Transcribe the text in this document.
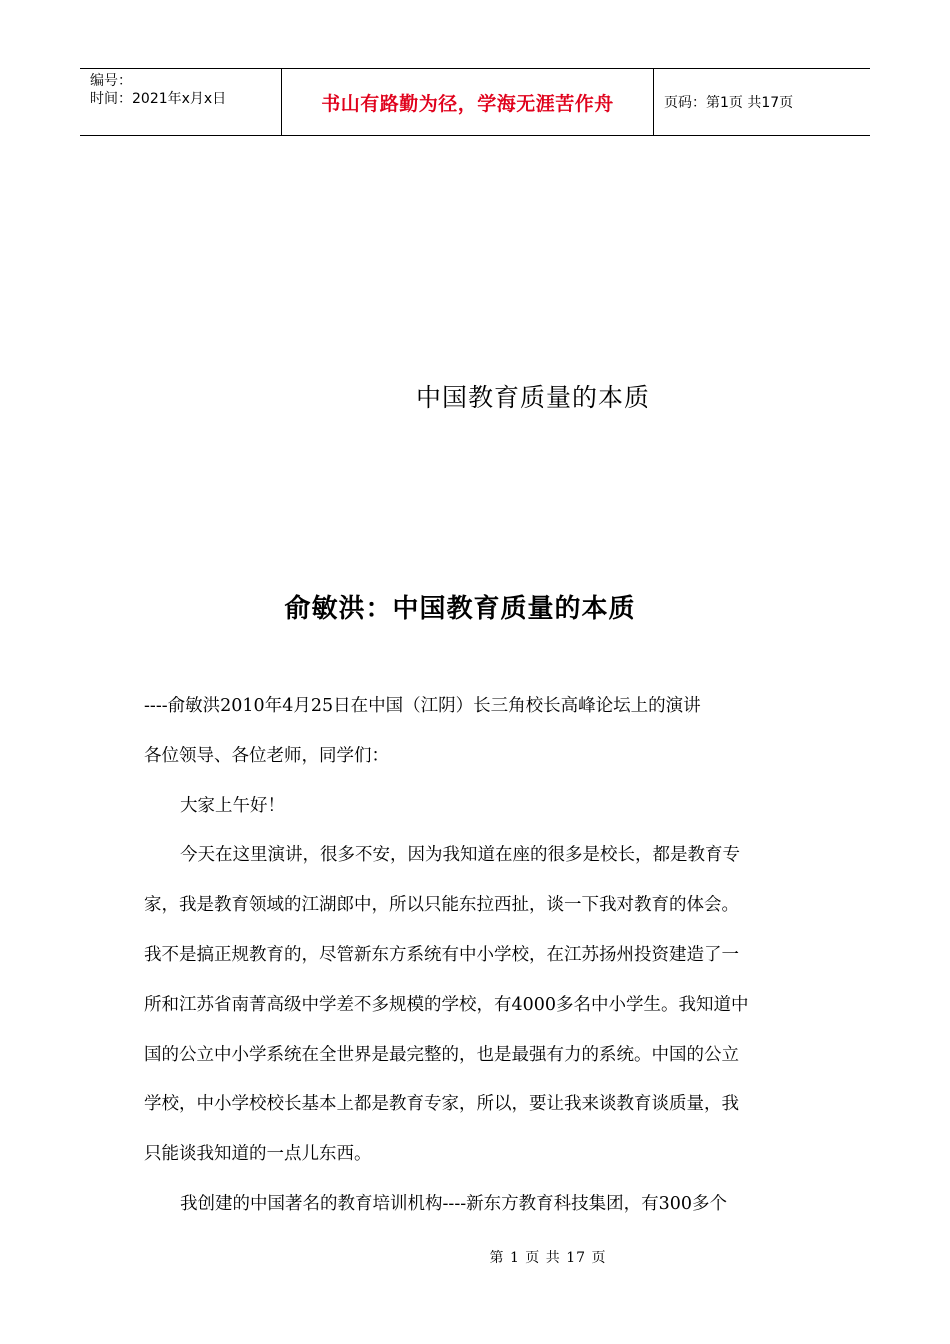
编号：
时间：2021年x月x日	书山有路勤为径，学海无涯苦作舟	页码：第1页 共17页
中国教育质量的本质
俞敏洪：中国教育质量的本质

----俞敏洪2010年4月25日在中国（江阴）长三角校长高峰论坛上的演讲

各位领导、各位老师，同学们：

大家上午好！

今天在这里演讲，很多不安，因为我知道在座的很多是校长，都是教育专
家，我是教育领域的江湖郎中，所以只能东拉西扯，谈一下我对教育的体会。
我不是搞正规教育的，尽管新东方系统有中小学校，在江苏扬州投资建造了一
所和江苏省南菁高级中学差不多规模的学校，有4000多名中小学生。我知道中
国的公立中小学系统在全世界是最完整的，也是最强有力的系统。中国的公立
学校，中小学校校长基本上都是教育专家，所以，要让我来谈教育谈质量，我
只能谈我知道的一点儿东西。

我创建的中国著名的教育培训机构----新东方教育科技集团，有300多个

第 1 页 共 17 页
